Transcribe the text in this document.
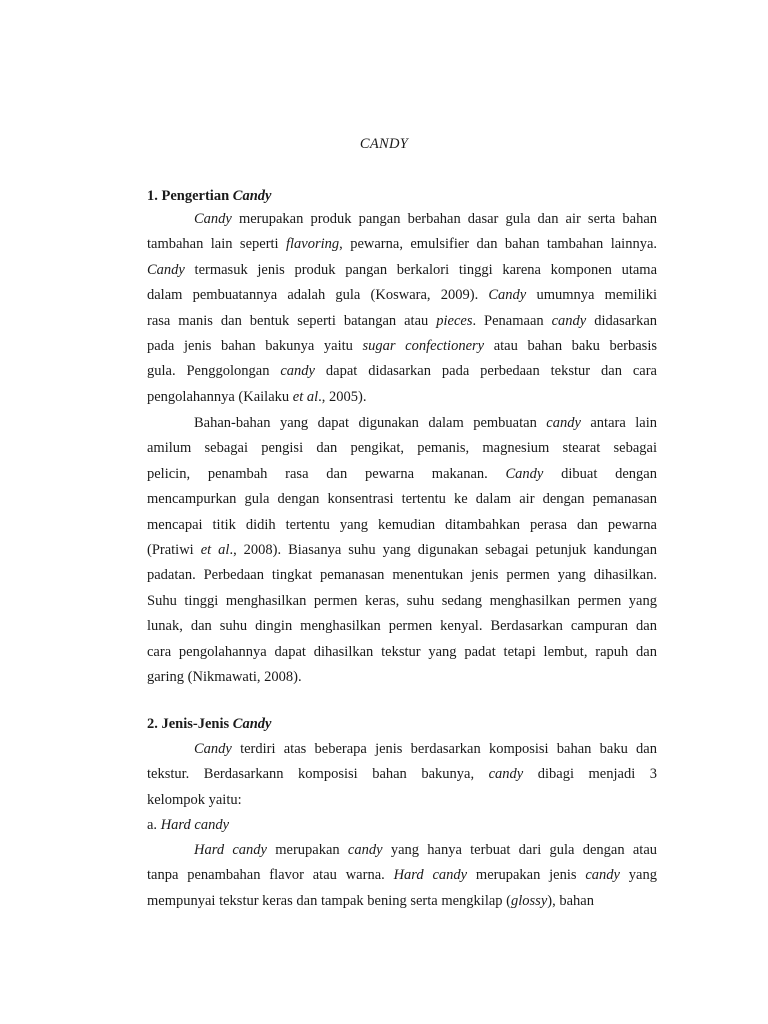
CANDY

1. Pengertian Candy

Candy merupakan produk pangan berbahan dasar gula dan air serta bahan
tambahan lain seperti flavoring, pewarna, emulsifier dan bahan tambahan lainnya.
Candy termasuk jenis produk pangan berkalori tinggi karena komponen utama
dalam pembuatannya adalah gula (Koswara, 2009). Candy umumnya memiliki
rasa manis dan bentuk seperti batangan atau pieces. Penamaan candy didasarkan
pada jenis bahan bakunya yaitu sugar confectionery atau bahan baku berbasis
gula. Penggolongan candy dapat didasarkan pada perbedaan tekstur dan cara
pengolahannya (Kailaku et al., 2005).
Bahan-bahan yang dapat digunakan dalam pembuatan candy antara lain
amilum sebagai pengisi dan pengikat, pemanis, magnesium stearat sebagai
pelicin, penambah rasa dan pewarna makanan. Candy dibuat dengan
mencampurkan gula dengan konsentrasi tertentu ke dalam air dengan pemanasan
mencapai titik didih tertentu yang kemudian ditambahkan perasa dan pewarna
(Pratiwi et al., 2008). Biasanya suhu yang digunakan sebagai petunjuk kandungan
padatan. Perbedaan tingkat pemanasan menentukan jenis permen yang dihasilkan.
Suhu tinggi menghasilkan permen keras, suhu sedang menghasilkan permen yang
lunak, dan suhu dingin menghasilkan permen kenyal. Berdasarkan campuran dan
cara pengolahannya dapat dihasilkan tekstur yang padat tetapi lembut, rapuh dan
garing (Nikmawati, 2008).

2. Jenis-Jenis Candy

Candy terdiri atas beberapa jenis berdasarkan komposisi bahan baku dan
tekstur. Berdasarkann komposisi bahan bakunya, candy dibagi menjadi 3
kelompok yaitu:

a. Hard candy

Hard candy merupakan candy yang hanya terbuat dari gula dengan atau
tanpa penambahan flavor atau warna. Hard candy merupakan jenis candy yang
mempunyai tekstur keras dan tampak bening serta mengkilap (glossy), bahan
